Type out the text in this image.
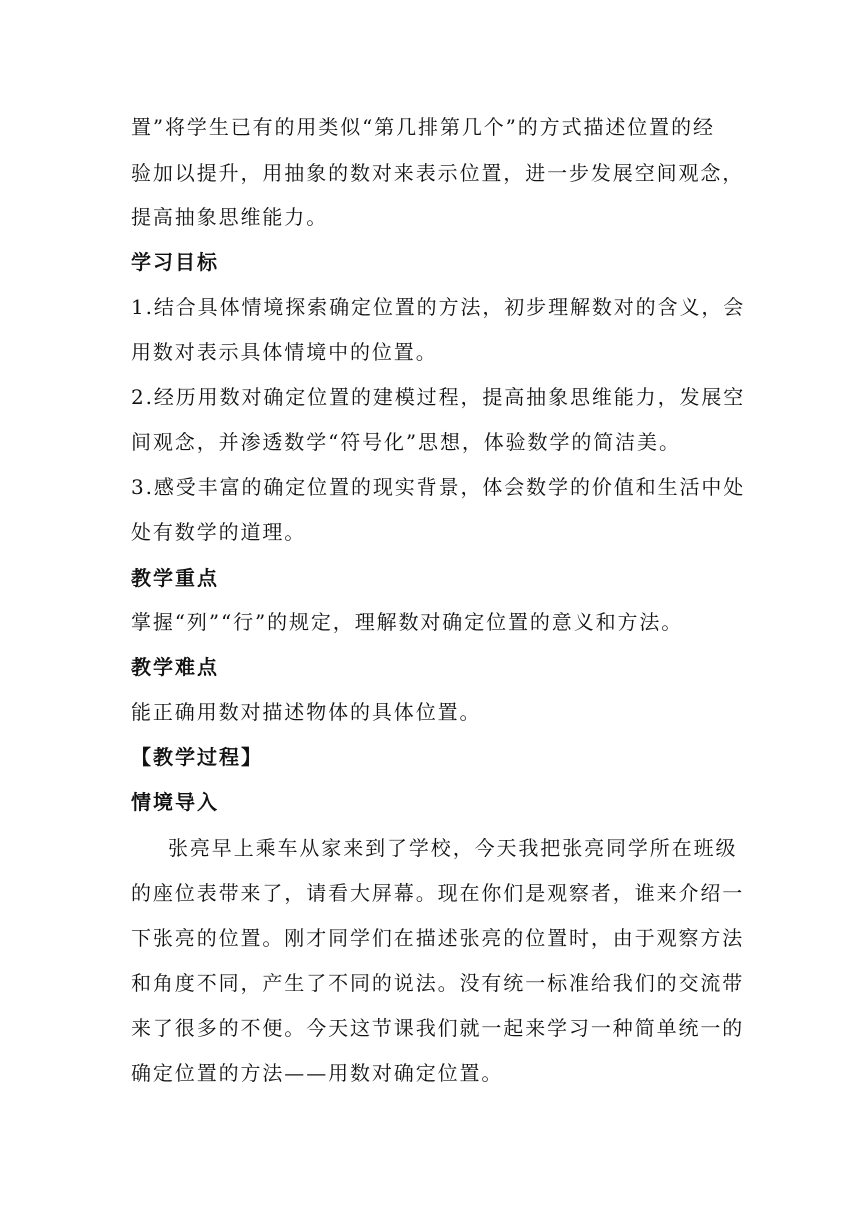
置”将学生已有的用类似“第几排第几个”的方式描述位置的经
验加以提升，用抽象的数对来表示位置，进一步发展空间观念，
提高抽象思维能力。
学习目标
1.结合具体情境探索确定位置的方法，初步理解数对的含义，会
用数对表示具体情境中的位置。
2.经历用数对确定位置的建模过程，提高抽象思维能力，发展空
间观念，并渗透数学“符号化”思想，体验数学的简洁美。
3.感受丰富的确定位置的现实背景，体会数学的价值和生活中处
处有数学的道理。
教学重点
掌握“列”“行”的规定，理解数对确定位置的意义和方法。
教学难点
能正确用数对描述物体的具体位置。
【教学过程】
情境导入
张亮早上乘车从家来到了学校，今天我把张亮同学所在班级
的座位表带来了，请看大屏幕。现在你们是观察者，谁来介绍一
下张亮的位置。刚才同学们在描述张亮的位置时，由于观察方法
和角度不同，产生了不同的说法。没有统一标准给我们的交流带
来了很多的不便。今天这节课我们就一起来学习一种简单统一的
确定位置的方法——用数对确定位置。
